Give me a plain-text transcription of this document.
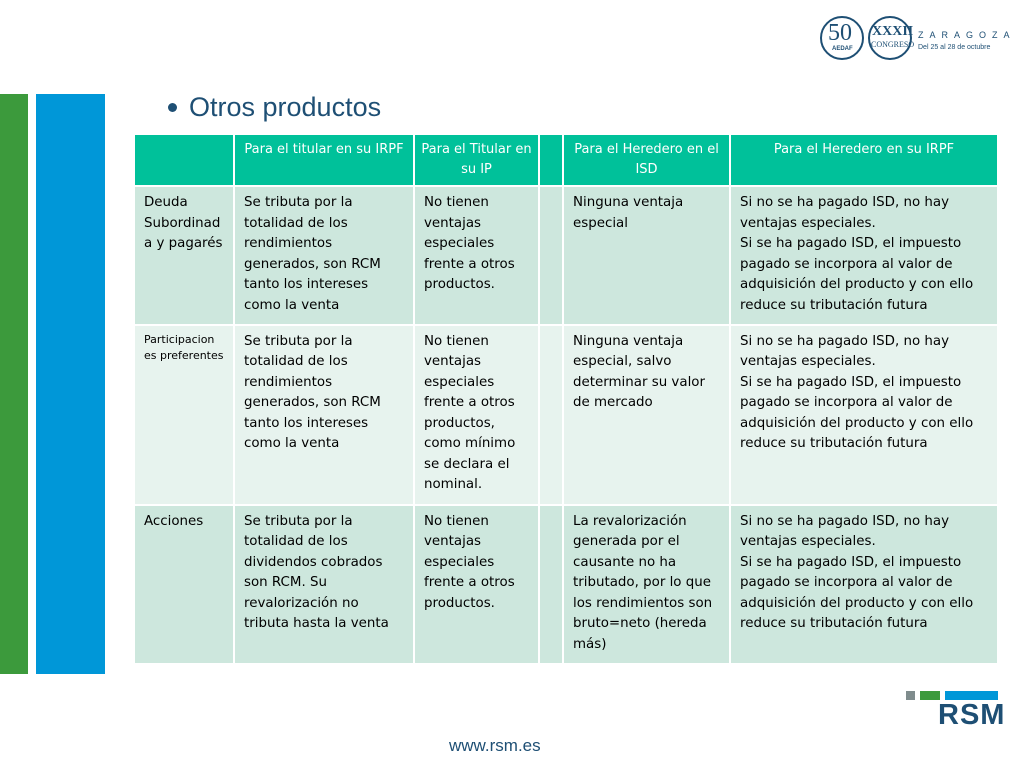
50
AEDAF
XXXII
CONGRESO
ZARAGOZA
Del 25 al 28 de octubre
Otros productos
	Para el titular en su IRPF	Para el Titular en su IP		Para el Heredero en el ISD	Para el Heredero en su IRPF
Deuda Subordinad a y pagarés	Se tributa por la totalidad de los rendimientos generados, son RCM tanto los intereses como la venta	No tienen ventajas especiales frente a otros productos.		Ninguna ventaja especial	Si no se ha pagado ISD, no hay ventajas especiales.
Si se ha pagado ISD, el impuesto pagado se incorpora al valor de adquisición del producto y con ello reduce su tributación futura
Participacion es preferentes	Se tributa por la totalidad de los rendimientos generados, son RCM tanto los intereses como la venta	No tienen ventajas especiales frente a otros productos, como mínimo se declara el nominal.		Ninguna ventaja especial, salvo determinar su valor de mercado	Si no se ha pagado ISD, no hay ventajas especiales.
Si se ha pagado ISD, el impuesto pagado se incorpora al valor de adquisición del producto y con ello reduce su tributación futura
Acciones	Se tributa por la totalidad de los dividendos cobrados son RCM. Su revalorización no tributa hasta la venta	No tienen ventajas especiales frente a otros productos.		La revalorización generada por el causante no ha tributado, por lo que los rendimientos son bruto=neto (hereda más)	Si no se ha pagado ISD, no hay ventajas especiales.
Si se ha pagado ISD, el impuesto pagado se incorpora al valor de adquisición del producto y con ello reduce su tributación futura
www.rsm.es
RSM
